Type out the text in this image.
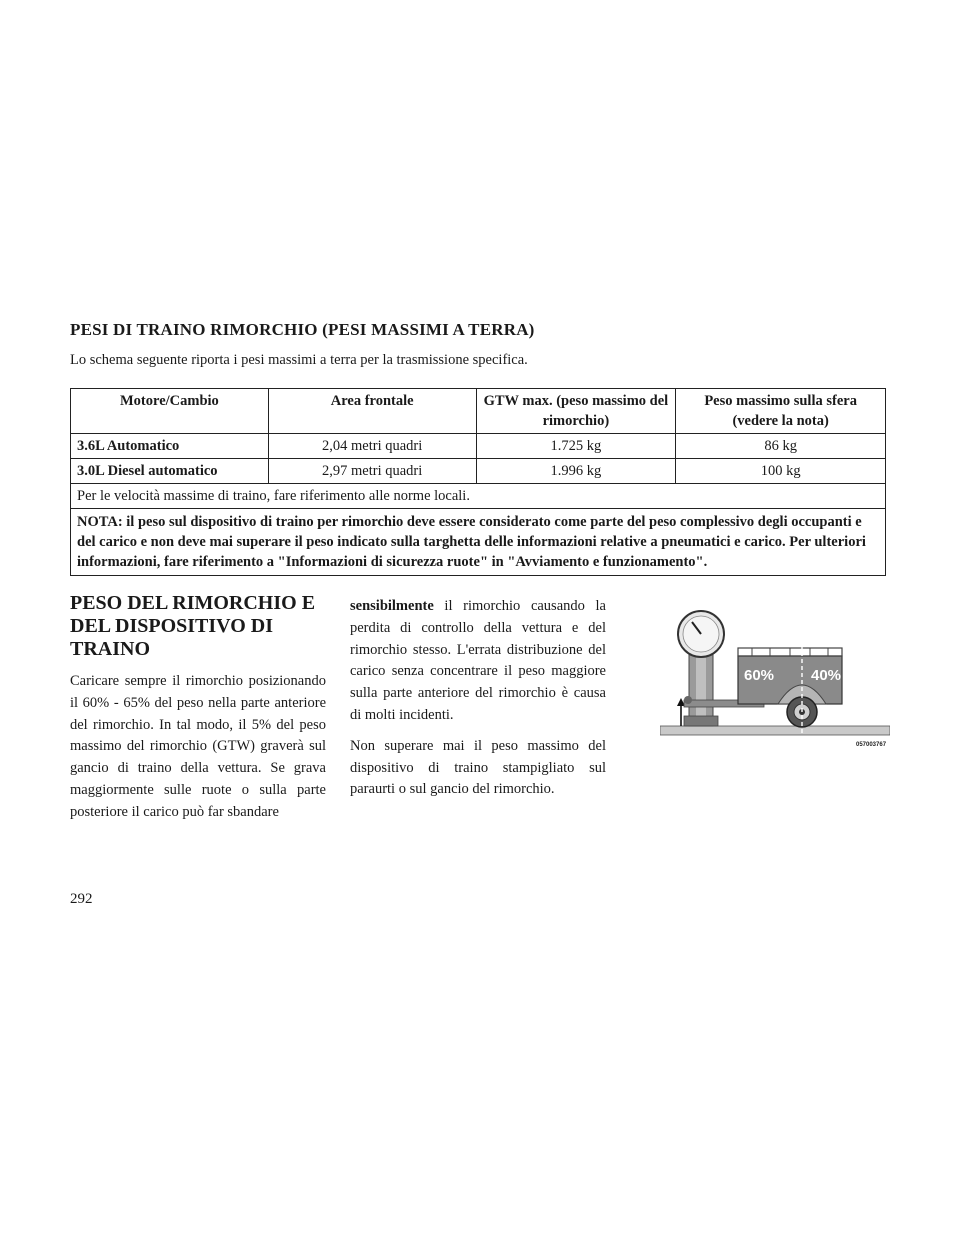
PESI DI TRAINO RIMORCHIO (PESI MASSIMI A TERRA)

Lo schema seguente riporta i pesi massimi a terra per la trasmissione specifica.

Motore/Cambio	Area frontale	GTW max. (peso massimo del rimorchio)	Peso massimo sulla sfera (vedere la nota)
3.6L Automatico	2,04 metri quadri	1.725 kg	86 kg
3.0L Diesel automatico	2,97 metri quadri	1.996 kg	100 kg
Per le velocità massime di traino, fare riferimento alle norme locali.			
NOTA: il peso sul dispositivo di traino per rimorchio deve essere considerato come parte del peso complessivo degli occupanti e del carico e non deve mai superare il peso indicato sulla targhetta delle informazioni relative a pneumatici e carico. Per ulteriori informazioni, fare riferimento a "Informazioni di sicurezza ruote" in "Avviamento e funzionamento".			
PESO DEL RIMORCHIO E DEL DISPOSITIVO DI TRAINO

Caricare sempre il rimorchio posizionando il 60% - 65% del peso nella parte anteriore del rimorchio. In tal modo, il 5% del peso massimo del rimorchio (GTW) graverà sul gancio di traino della vettura. Se grava maggiormente sulle ruote o sulla parte posteriore il carico può far sbandare

sensibilmente il rimorchio causando la perdita di controllo della vettura e del rimorchio stesso. L'errata distribuzione del carico senza concentrare il peso maggiore sulla parte anteriore del rimorchio è causa di molti incidenti.

Non superare mai il peso massimo del dispositivo di traino stampigliato sul paraurti o sul gancio del rimorchio.

60% 40%
057003767
292
